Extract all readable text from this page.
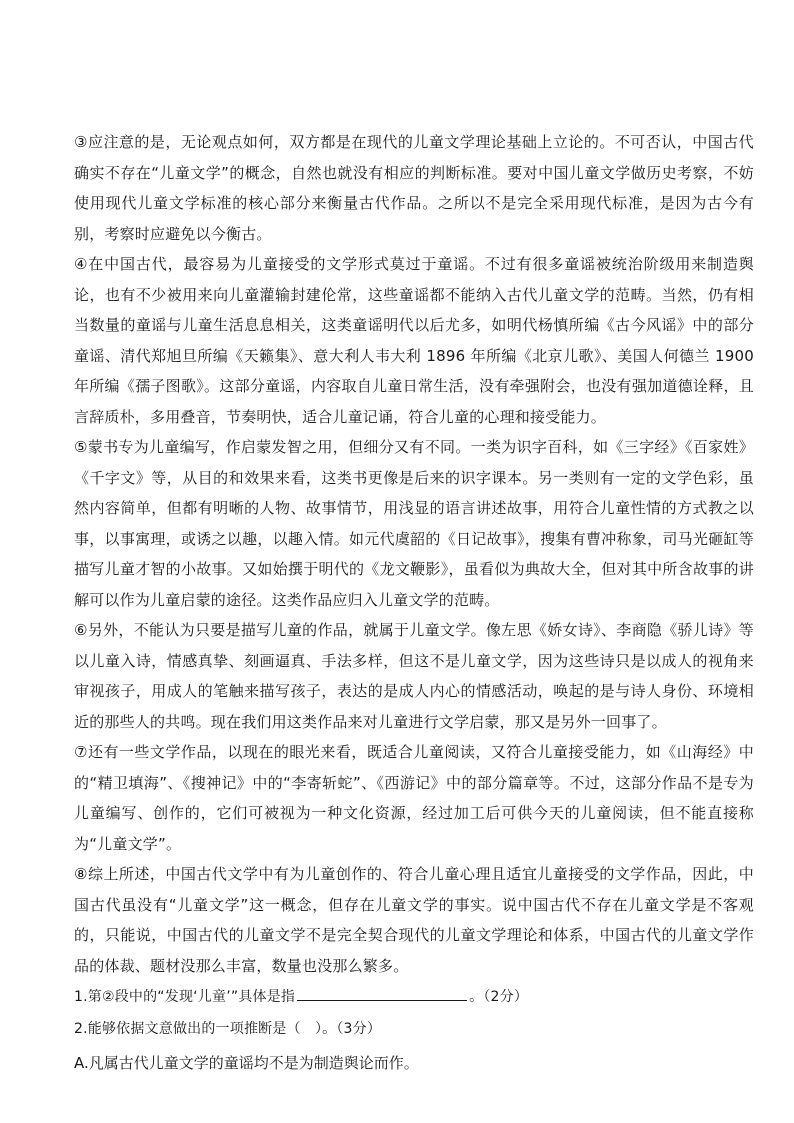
③应注意的是，无论观点如何，双方都是在现代的儿童文学理论基础上立论的。不可否认，中国古代确实不存在“儿童文学”的概念，自然也就没有相应的判断标准。要对中国儿童文学做历史考察，不妨使用现代儿童文学标准的核心部分来衡量古代作品。之所以不是完全采用现代标准，是因为古今有别，考察时应避免以今衡古。

④在中国古代，最容易为儿童接受的文学形式莫过于童谣。不过有很多童谣被统治阶级用来制造舆论，也有不少被用来向儿童灌输封建伦常，这些童谣都不能纳入古代儿童文学的范畴。当然，仍有相当数量的童谣与儿童生活息息相关，这类童谣明代以后尤多，如明代杨慎所编《古今风谣》中的部分童谣、清代郑旭旦所编《天籁集》、意大利人韦大利 1896 年所编《北京儿歌》、美国人何德兰 1900 年所编《孺子图歌》。这部分童谣，内容取自儿童日常生活，没有牵强附会，也没有强加道德诠释，且言辞质朴，多用叠音，节奏明快，适合儿童记诵，符合儿童的心理和接受能力。

⑤蒙书专为儿童编写，作启蒙发智之用，但细分又有不同。一类为识字百科，如《三字经》《百家姓》《千字文》等，从目的和效果来看，这类书更像是后来的识字课本。另一类则有一定的文学色彩，虽然内容简单，但都有明晰的人物、故事情节，用浅显的语言讲述故事，用符合儿童性情的方式教之以事，以事寓理，或诱之以趣，以趣入情。如元代虞韶的《日记故事》，搜集有曹冲称象，司马光砸缸等描写儿童才智的小故事。又如始撰于明代的《龙文鞭影》，虽看似为典故大全，但对其中所含故事的讲解可以作为儿童启蒙的途径。这类作品应归入儿童文学的范畴。

⑥另外，不能认为只要是描写儿童的作品，就属于儿童文学。像左思《娇女诗》、李商隐《骄儿诗》等以儿童入诗，情感真挚、刻画逼真、手法多样，但这不是儿童文学，因为这些诗只是以成人的视角来审视孩子，用成人的笔触来描写孩子，表达的是成人内心的情感活动，唤起的是与诗人身份、环境相近的那些人的共鸣。现在我们用这类作品来对儿童进行文学启蒙，那又是另外一回事了。

⑦还有一些文学作品，以现在的眼光来看，既适合儿童阅读，又符合儿童接受能力，如《山海经》中的“精卫填海”、《搜神记》中的“李寄斩蛇”、《西游记》中的部分篇章等。不过，这部分作品不是专为儿童编写、创作的，它们可被视为一种文化资源，经过加工后可供今天的儿童阅读，但不能直接称为“儿童文学”。

⑧综上所述，中国古代文学中有为儿童创作的、符合儿童心理且适宜儿童接受的文学作品，因此，中国古代虽没有“儿童文学”这一概念，但存在儿童文学的事实。说中国古代不存在儿童文学是不客观的，只能说，中国古代的儿童文学不是完全契合现代的儿童文学理论和体系，中国古代的儿童文学作品的体裁、题材没那么丰富，数量也没那么繁多。

1.第②段中的“发现‘儿童’”具体是指	。（2分）

2.能够依据文意做出的一项推断是（　）。（3分）

A.凡属古代儿童文学的童谣均不是为制造舆论而作。
